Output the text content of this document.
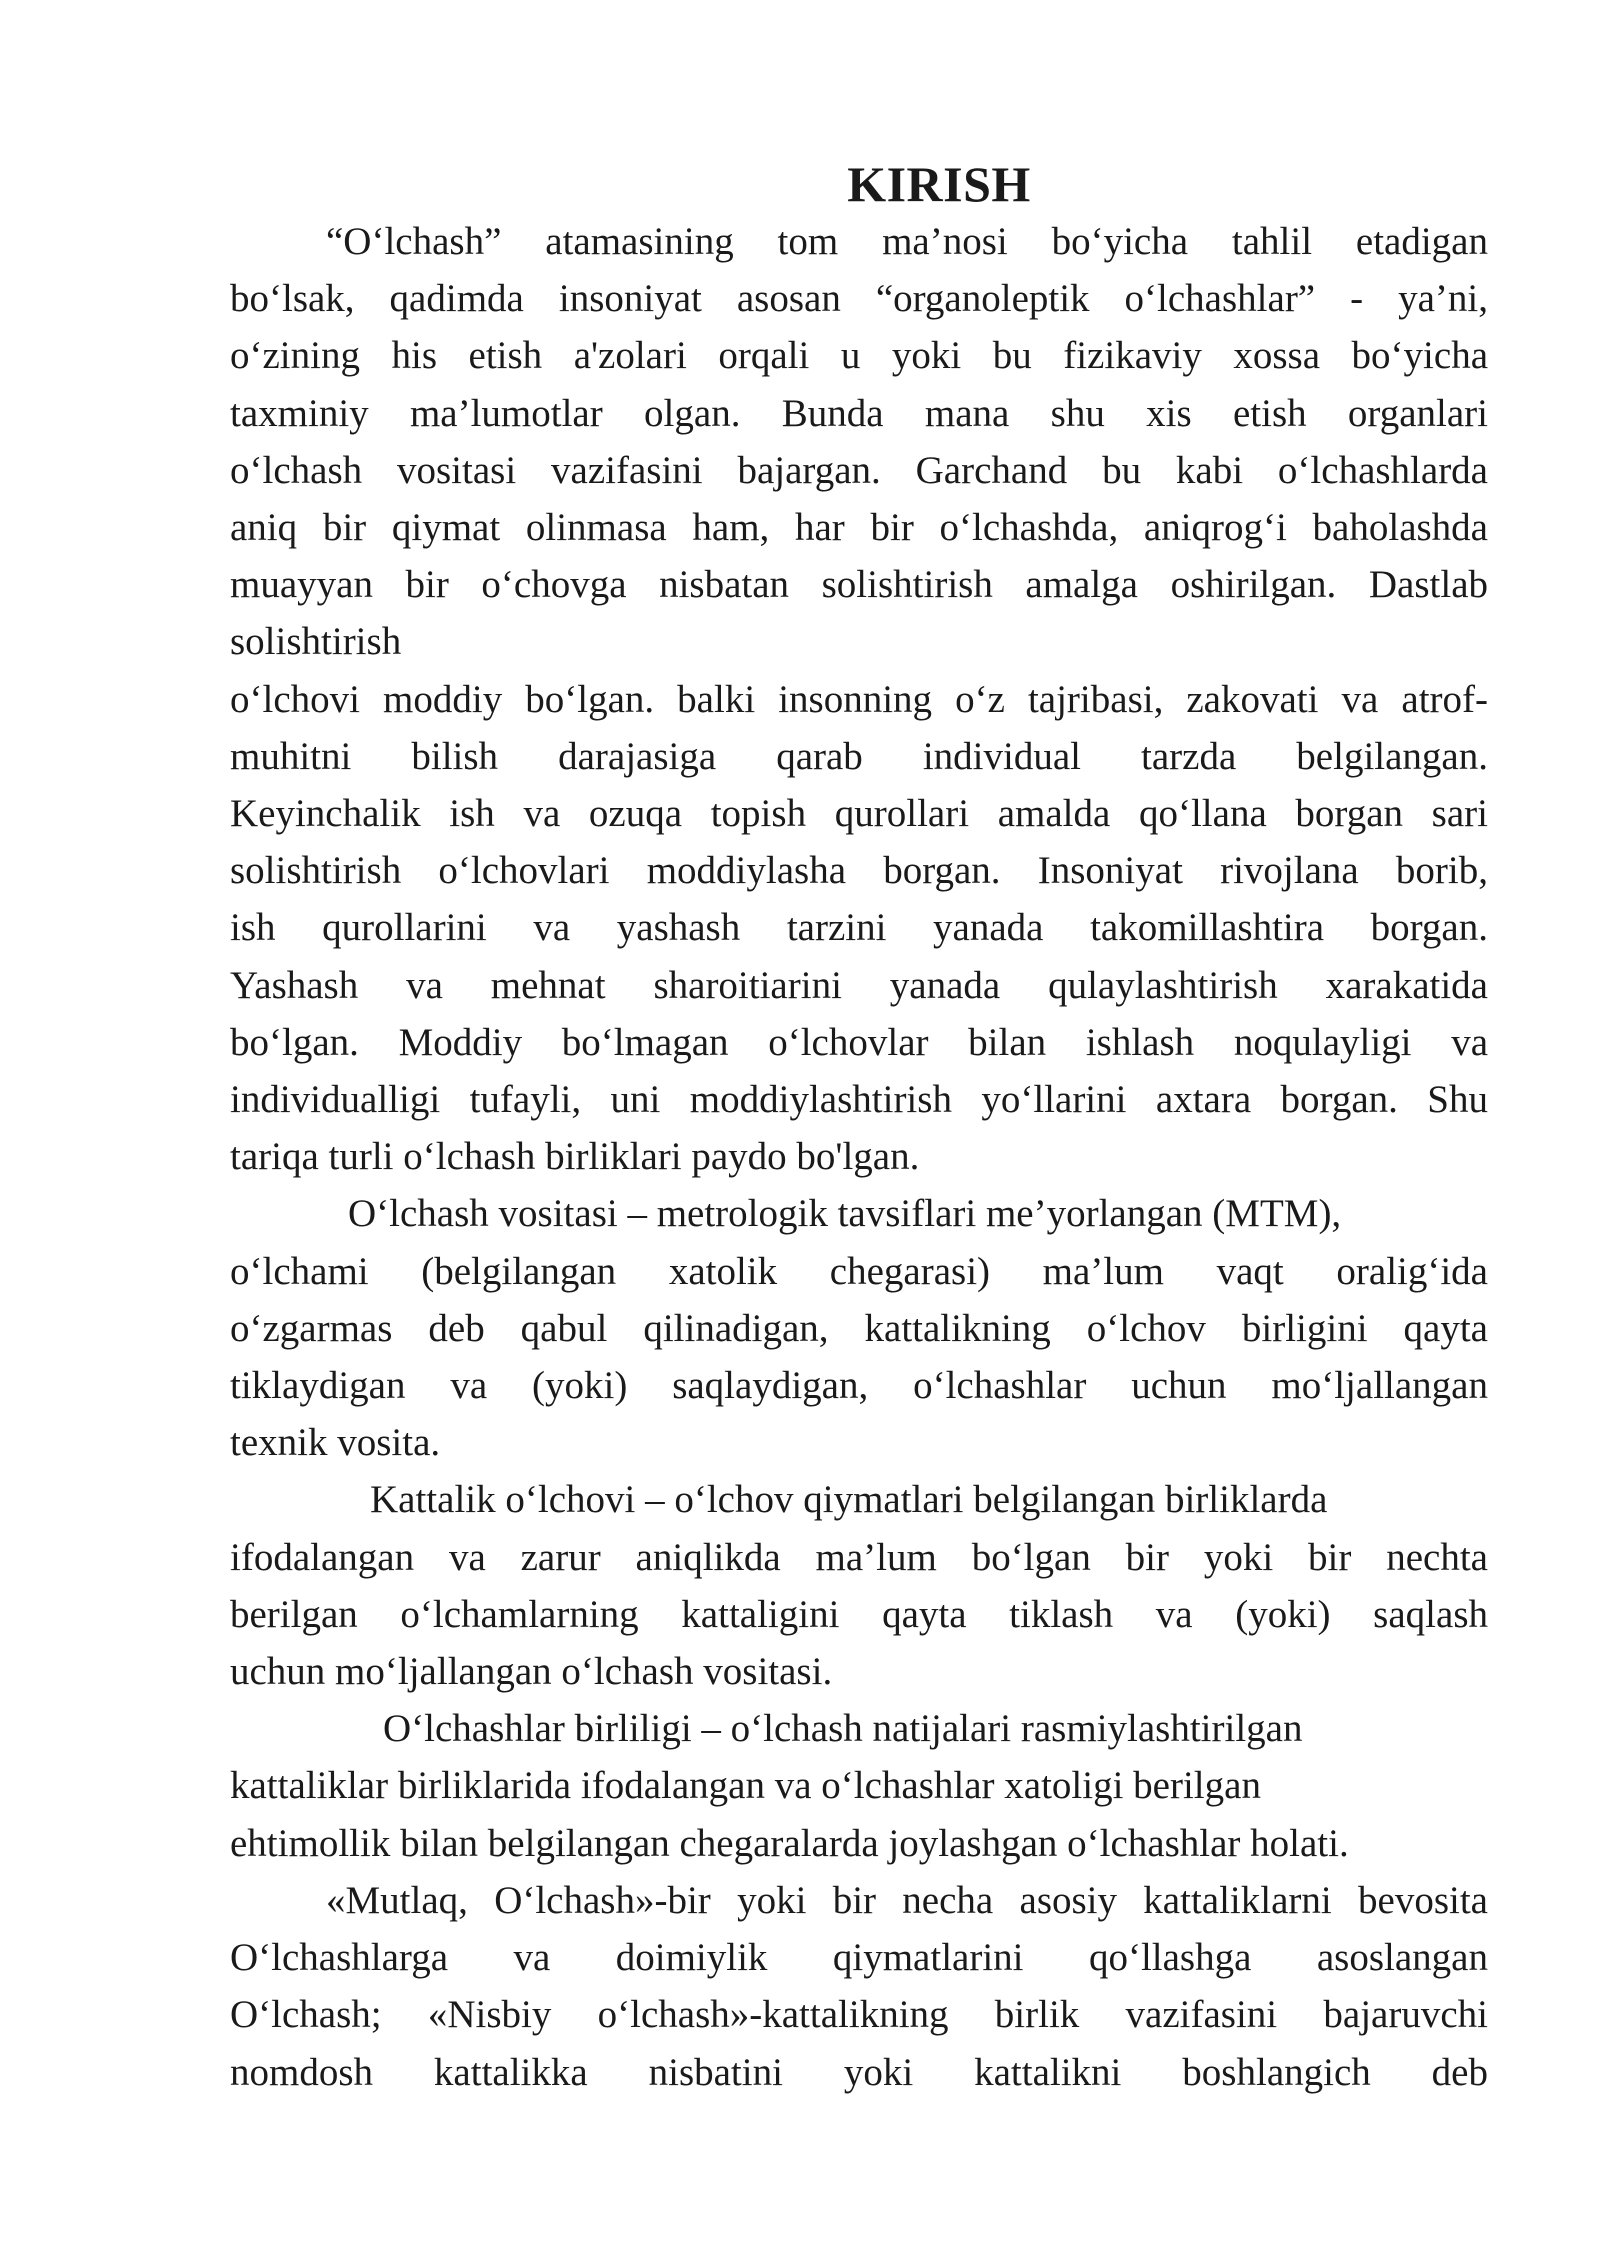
KIRISH

“O‘lchash” atamasining tom ma’nosi bo‘yicha tahlil etadigan
bo‘lsak, qadimda insoniyat asosan “organoleptik o‘lchashlar” - ya’ni,
o‘zining his etish a'zolari orqali u yoki bu fizikaviy xossa bo‘yicha
taxminiy ma’lumotlar olgan. Bunda mana shu xis etish organlari
o‘lchash vositasi vazifasini bajargan. Garchand bu kabi o‘lchashlarda
aniq bir qiymat olinmasa ham, har bir o‘lchashda, aniqrog‘i baholashda
muayyan bir o‘chovga nisbatan solishtirish amalga oshirilgan. Dastlab
solishtirish
o‘lchovi moddiy bo‘lgan. balki insonning o‘z tajribasi, zakovati va atrof-
muhitni bilish darajasiga qarab individual tarzda belgilangan.
Keyinchalik ish va ozuqa topish qurollari amalda qo‘llana borgan sari
solishtirish o‘lchovlari moddiylasha borgan. Insoniyat rivojlana borib,
ish qurollarini va yashash tarzini yanada takomillashtira borgan.
Yashash va mehnat sharoitiarini yanada qulaylashtirish xarakatida
bo‘lgan. Moddiy bo‘lmagan o‘lchovlar bilan ishlash noqulayligi va
individualligi tufayli, uni moddiylashtirish yo‘llarini axtara borgan. Shu
tariqa turli o‘lchash birliklari paydo bo'lgan.

O‘lchash vositasi – metrologik tavsiflari me’yorlangan (MTM),
o‘lchami (belgilangan xatolik chegarasi) ma’lum vaqt oralig‘ida
o‘zgarmas deb qabul qilinadigan, kattalikning o‘lchov birligini qayta
tiklaydigan va (yoki) saqlaydigan, o‘lchashlar uchun mo‘ljallangan
texnik vosita.

Kattalik o‘lchovi – o‘lchov qiymatlari belgilangan birliklarda
ifodalangan va zarur aniqlikda ma’lum bo‘lgan bir yoki bir nechta
berilgan o‘lchamlarning kattaligini qayta tiklash va (yoki) saqlash
uchun mo‘ljallangan o‘lchash vositasi.

O‘lchashlar birliligi – o‘lchash natijalari rasmiylashtirilgan
kattaliklar birliklarida ifodalangan va o‘lchashlar xatoligi berilgan
ehtimollik bilan belgilangan chegaralarda joylashgan o‘lchashlar holati.

«Mutlaq, O‘lchash»-bir yoki bir necha asosiy kattaliklarni bevosita
O‘lchashlarga va doimiylik qiymatlarini qo‘llashga asoslangan
O‘lchash; «Nisbiy o‘lchash»-kattalikning birlik vazifasini bajaruvchi
nomdosh kattalikka nisbatini yoki kattalikni boshlangich deb
